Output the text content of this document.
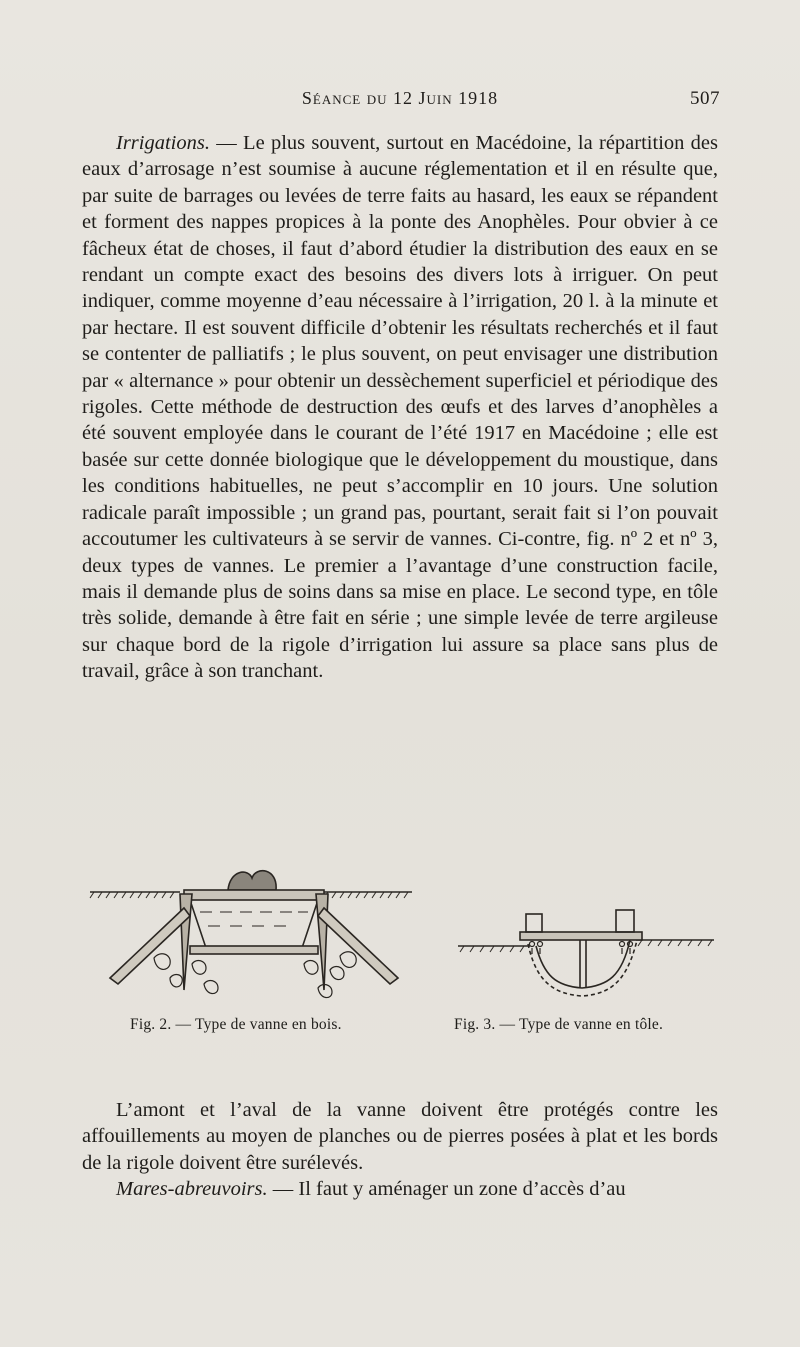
Séance du 12 Juin 1918	507

Irrigations. — Le plus souvent, surtout en Macédoine, la répartition des eaux d’arrosage n’est soumise à aucune réglementation et il en résulte que, par suite de barrages ou levées de terre faits au hasard, les eaux se répandent et forment des nappes propices à la ponte des Anophèles. Pour obvier à ce fâcheux état de choses, il faut d’abord étudier la distribution des eaux en se rendant un compte exact des besoins des divers lots à irriguer. On peut indiquer, comme moyenne d’eau nécessaire à l’irrigation, 20 l. à la minute et par hectare. Il est souvent difficile d’obtenir les résultats recherchés et il faut se contenter de palliatifs ; le plus souvent, on peut envisager une distribution par « alternance » pour obtenir un dessèchement superficiel et périodique des rigoles. Cette méthode de destruction des œufs et des larves d’anophèles a été souvent employée dans le courant de l’été 1917 en Macédoine ; elle est basée sur cette donnée biologique que le développement du moustique, dans les conditions habituelles, ne peut s’accomplir en 10 jours. Une solution radicale paraît impossible ; un grand pas, pourtant, serait fait si l’on pouvait accoutumer les cultivateurs à se servir de vannes. Ci-contre, fig. nº 2 et nº 3, deux types de vannes. Le premier a l’avantage d’une construction facile, mais il demande plus de soins dans sa mise en place. Le second type, en tôle très solide, demande à être fait en série ; une simple levée de terre argileuse sur chaque bord de la rigole d’irrigation lui assure sa place sans plus de travail, grâce à son tranchant.

Fig. 2. — Type de vanne en bois.	Fig. 3. — Type de vanne en tôle.

L’amont et l’aval de la vanne doivent être protégés contre les affouillements au moyen de planches ou de pierres posées à plat et les bords de la rigole doivent être surélevés.

Mares-abreuvoirs. — Il faut y aménager un zone d’accès d’au
